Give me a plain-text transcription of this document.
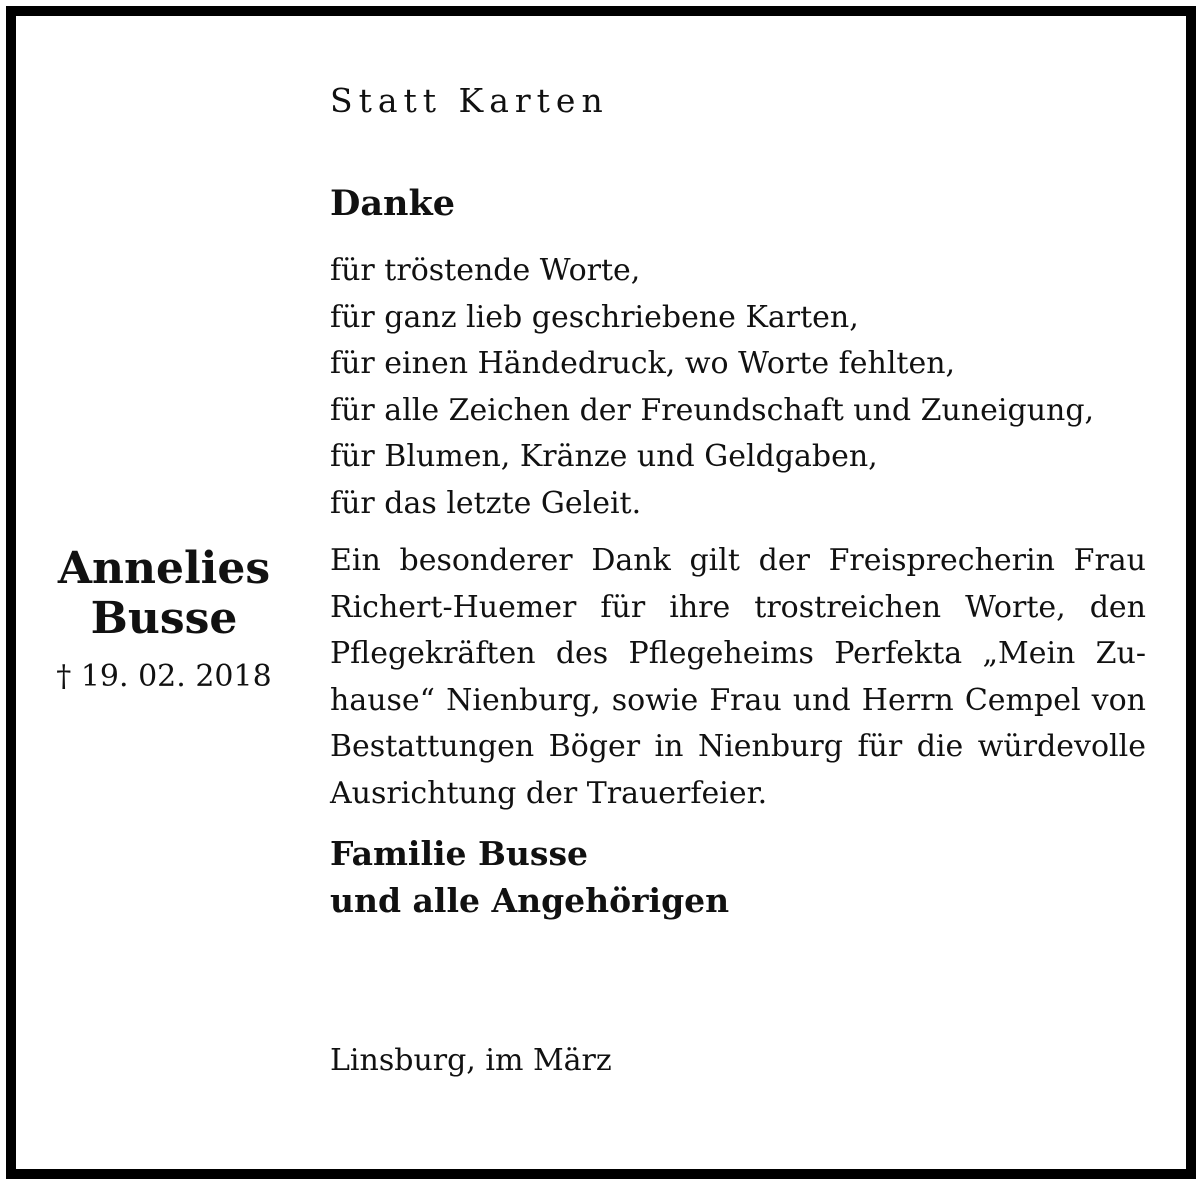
Statt Karten
Danke
für tröstende Worte,
für ganz lieb geschriebene Karten,
für einen Händedruck, wo Worte fehlten,
für alle Zeichen der Freundschaft und Zuneigung,
für Blumen, Kränze und Geldgaben,
für das letzte Geleit.
Ein besonderer Dank gilt der Freisprecherin Frau Richert-Huemer für ihre trostreichen Worte, den Pflegekräften des Pflegeheims Perfekta „Mein Zuhause“ Nienburg, sowie Frau und Herrn Cempel von Bestattungen Böger in Nienburg für die würdevolle Ausrichtung der Trauerfeier.
Familie Busse
und alle Angehörigen
Linsburg, im März
Annelies
Busse
† 19. 02. 2018
